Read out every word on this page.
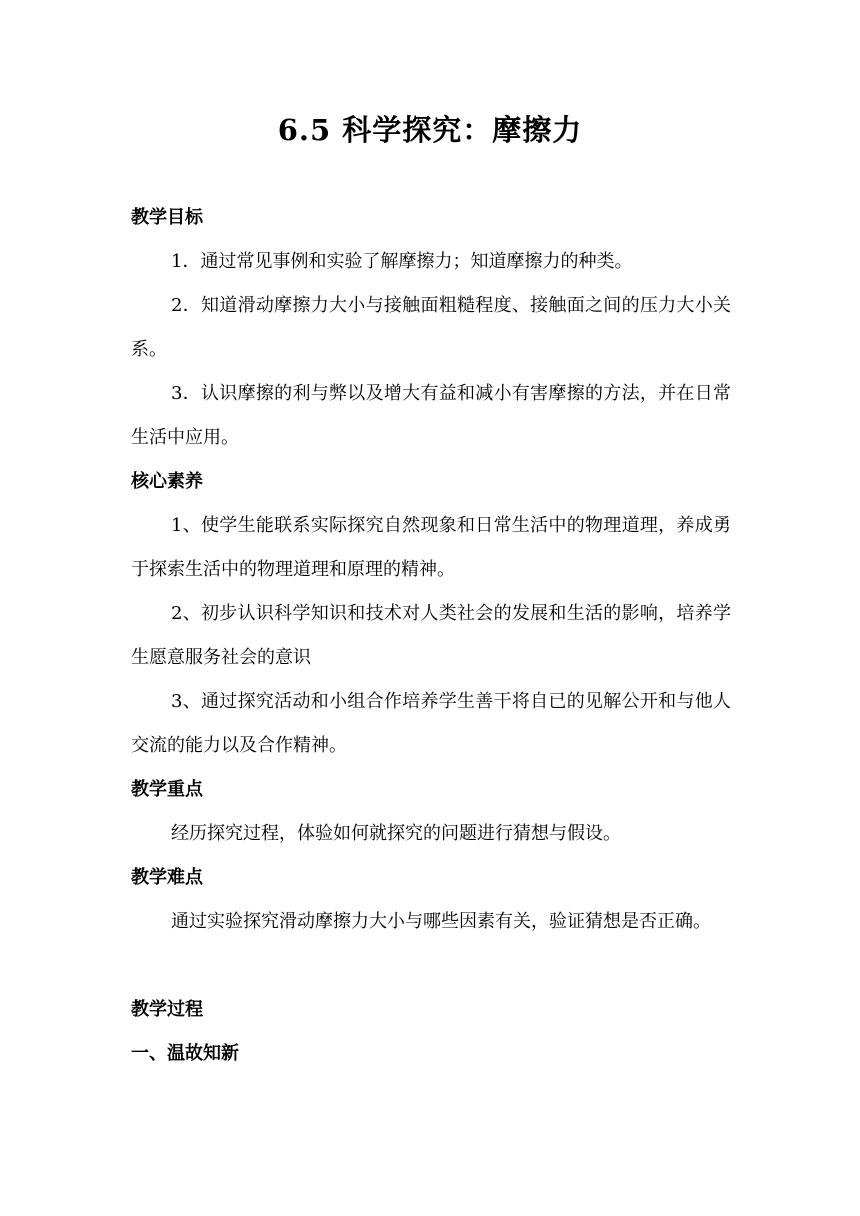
6.5 科学探究：摩擦力
教学目标

1．通过常见事例和实验了解摩擦力；知道摩擦力的种类。

2．知道滑动摩擦力大小与接触面粗糙程度、接触面之间的压力大小关系。

3．认识摩擦的利与弊以及增大有益和减小有害摩擦的方法，并在日常生活中应用。

核心素养

1、使学生能联系实际探究自然现象和日常生活中的物理道理，养成勇于探索生活中的物理道理和原理的精神。

2、初步认识科学知识和技术对人类社会的发展和生活的影响，培养学生愿意服务社会的意识

3、通过探究活动和小组合作培养学生善干将自已的见解公开和与他人交流的能力以及合作精神。

教学重点

经历探究过程，体验如何就探究的问题进行猜想与假设。

教学难点

通过实验探究滑动摩擦力大小与哪些因素有关，验证猜想是否正确。

教学过程
一、温故知新
